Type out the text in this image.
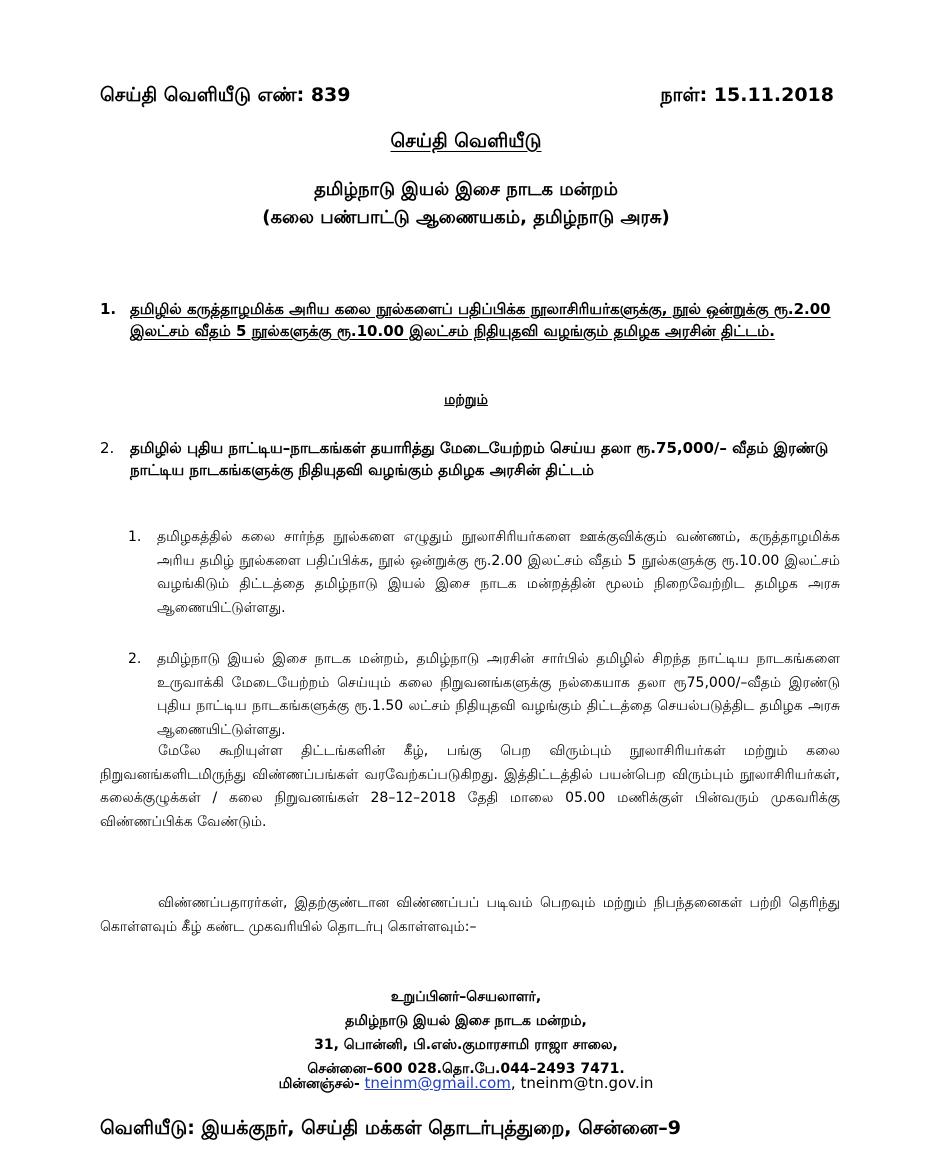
செய்தி வெளியீடு எண்: 839	நாள்: 15.11.2018
செய்தி வெளியீடு
தமிழ்நாடு இயல் இசை நாடக மன்றம்
(கலை பண்பாட்டு ஆணையகம், தமிழ்நாடு அரசு)
1. தமிழில் கருத்தாழமிக்க அரிய கலை நூல்களைப் பதிப்பிக்க நூலாசிரியர்களுக்கு, நூல் ஒன்றுக்கு ரூ.2.00 இலட்சம் வீதம் 5 நூல்களுக்கு ரூ.10.00 இலட்சம் நிதியுதவி வழங்கும் தமிழக அரசின் திட்டம்.
மற்றும்
2. தமிழில் புதிய நாட்டிய–நாடகங்கள் தயாரித்து மேடையேற்றம் செய்ய தலா ரூ.75,000/– வீதம் இரண்டு நாட்டிய நாடகங்களுக்கு நிதியுதவி வழங்கும் தமிழக அரசின் திட்டம்
1. தமிழகத்தில் கலை சார்ந்த நூல்களை எழுதும் நூலாசிரியர்களை ஊக்குவிக்கும் வண்ணம், கருத்தாழமிக்க அரிய தமிழ் நூல்களை பதிப்பிக்க, நூல் ஒன்றுக்கு ரூ.2.00 இலட்சம் வீதம் 5 நூல்களுக்கு ரூ.10.00 இலட்சம் வழங்கிடும் திட்டத்தை தமிழ்நாடு இயல் இசை நாடக மன்றத்தின் மூலம் நிறைவேற்றிட தமிழக அரசு ஆணையிட்டுள்ளது.
2. தமிழ்நாடு இயல் இசை நாடக மன்றம், தமிழ்நாடு அரசின் சார்பில் தமிழில் சிறந்த நாட்டிய நாடகங்களை உருவாக்கி மேடையேற்றம் செய்யும் கலை நிறுவனங்களுக்கு நல்கையாக தலா ரூ75,000/–வீதம் இரண்டு புதிய நாட்டிய நாடகங்களுக்கு ரூ.1.50 லட்சம் நிதியுதவி வழங்கும் திட்டத்தை செயல்படுத்திட தமிழக அரசு ஆணையிட்டுள்ளது.
மேலே கூறியுள்ள திட்டங்களின் கீழ், பங்கு பெற விரும்பும் நூலாசிரியர்கள் மற்றும் கலை நிறுவனங்களிடமிருந்து விண்ணப்பங்கள் வரவேற்கப்படுகிறது. இத்திட்டத்தில் பயன்பெற விரும்பும் நூலாசிரியர்கள், கலைக்குழுக்கள் / கலை நிறுவனங்கள் 28–12–2018 தேதி மாலை 05.00 மணிக்குள் பின்வரும் முகவரிக்கு விண்ணப்பிக்க வேண்டும்.
விண்ணப்பதாரர்கள், இதற்குண்டான விண்ணப்பப் படிவம் பெறவும் மற்றும் நிபந்தனைகள் பற்றி தெரிந்து கொள்ளவும் கீழ் கண்ட முகவரியில் தொடர்பு கொள்ளவும்:–
உறுப்பினர்–செயலாளர்,
தமிழ்நாடு இயல் இசை நாடக மன்றம்,
31, பொன்னி, பி.எஸ்.குமாரசாமி ராஜா சாலை,
சென்னை–600 028.தொ.பே.044–2493 7471.
மின்னஞ்சல்- tneinm@gmail.com, tneinm@tn.gov.in
வெளியீடு: இயக்குநர், செய்தி மக்கள் தொடர்புத்துறை, சென்னை–9
